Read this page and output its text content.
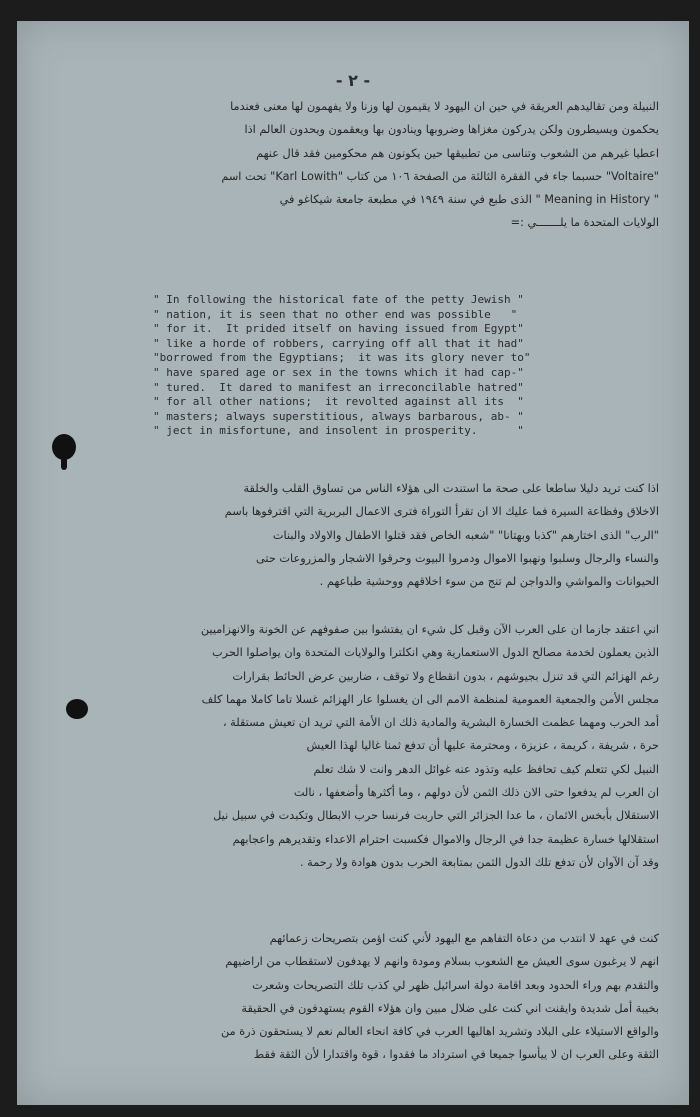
- ٢ -
النبيلة ومن تقاليدهم العريقة في حين ان اليهود لا يقيمون لها وزنا ولا يفهمون لها معنى فعندما
يحكمون ويسيطرون ولكن يدركون مغزاها وضروبها وينادون بها ويعقمون ويحدون العالم اذا
اعطيا غيرهم من الشعوب وتناسى من تطبيقها حين يكونون هم محكومين فقد قال عنهم
"Voltaire" حسبما جاء في الفقرة الثالثة من الصفحة ١٠٦ من كتاب "Karl Lowith" تحت اسم
" Meaning in History " الذى طبع في سنة ١٩٤٩ في مطبعة جامعة شيكاغو في
الولايات المتحدة ما يلـــــــي :=
" In following the historical fate of the petty Jewish "
" nation, it is seen that no other end was possible   "
" for it.  It prided itself on having issued from Egypt"
" like a horde of robbers, carrying off all that it had"
"borrowed from the Egyptians;  it was its glory never to"
" have spared age or sex in the towns which it had cap-"
" tured.  It dared to manifest an irreconcilable hatred"
" for all other nations;  it revolted against all its  "
" masters; always superstitious, always barbarous, ab- "
" ject in misfortune, and insolent in prosperity.      "
اذا كنت تريد دليلا ساطعا على صحة ما استندت الى هؤلاء الناس من تساوق القلب والخلقة
الاخلاق وفظاعة السيرة فما عليك الا ان تقرأ التوراة فترى الاعمال البربرية التي اقترفوها باسم
"الرب" الذى اختارهم "كذبا وبهتانا" "شعبه الخاص فقد قتلوا الاطفال والاولاد والبنات
والنساء والرجال وسلبوا ونهبوا الاموال ودمروا البيوت وحرقوا الاشجار والمزروعات حتى
الحيوانات والمواشي والدواجن لم تنج من سوء اخلاقهم ووحشية طباعهم .
اني اعتقد جازما ان على العرب الآن وقبل كل شيء ان يفتشوا بين صفوفهم عن الخونة والانهزاميين
الذين يعملون لخدمة مصالح الدول الاستعمارية وهي انكلترا والولايات المتحدة وان يواصلوا الحرب
رغم الهزائم التي قد تنزل بجيوشهم ، بدون انقطاع ولا توقف ، ضاربين عرض الحائط بقرارات
مجلس الأمن والجمعية العمومية لمنظمة الامم الى ان يغسلوا عار الهزائم غسلا تاما كاملا مهما كلف
أمد الحرب ومهما عظمت الخسارة البشرية والمادية ذلك ان الأمة التي تريد ان تعيش مستقلة ،
حرة ، شريفة ، كريمة ، عزيزة ، ومحترمة عليها أن تدفع ثمنا غاليا لهذا العيش
النبيل لكي تتعلم كيف تحافظ عليه وتذود عنه غوائل الدهر وانت لا شك تعلم
ان العرب لم يدفعوا حتى الان ذلك الثمن لأن دولهم ، وما أكثرها وأضعفها ، نالت
الاستقلال بأبخس الاثمان ، ما عدا الجزائر التي حاربت فرنسا حرب الابطال وتكبدت في سبيل نيل
استقلالها خسارة عظيمة جدا في الرجال والاموال فكسبت احترام الاعداء وتقديرهم واعجابهم
وقد آن الآوان لأن تدفع تلك الدول الثمن بمتابعة الحرب بدون هوادة ولا رحمة .
كنت في عهد لا انتدب من دعاة التفاهم مع اليهود لأني كنت اؤمن بتصريحات زعمائهم
انهم لا يرغبون سوى العيش مع الشعوب بسلام ومودة وانهم لا يهدفون لاستقطاب من اراضيهم
والتقدم بهم وراء الحدود وبعد اقامة دولة اسرائيل ظهر لي كذب تلك التصريحات وشعرت
بخيبة أمل شديدة وايقنت اني كنت على ضلال مبين وان هؤلاء القوم يستهدفون في الحقيقة
والواقع الاستيلاء على البلاد وتشريد اهاليها العرب في كافة انحاء العالم نعم لا يستحقون ذرة من
الثقة وعلى العرب ان لا ييأسوا جميعا في استرداد ما فقدوا ، قوة واقتدارا لأن الثقة فقط
